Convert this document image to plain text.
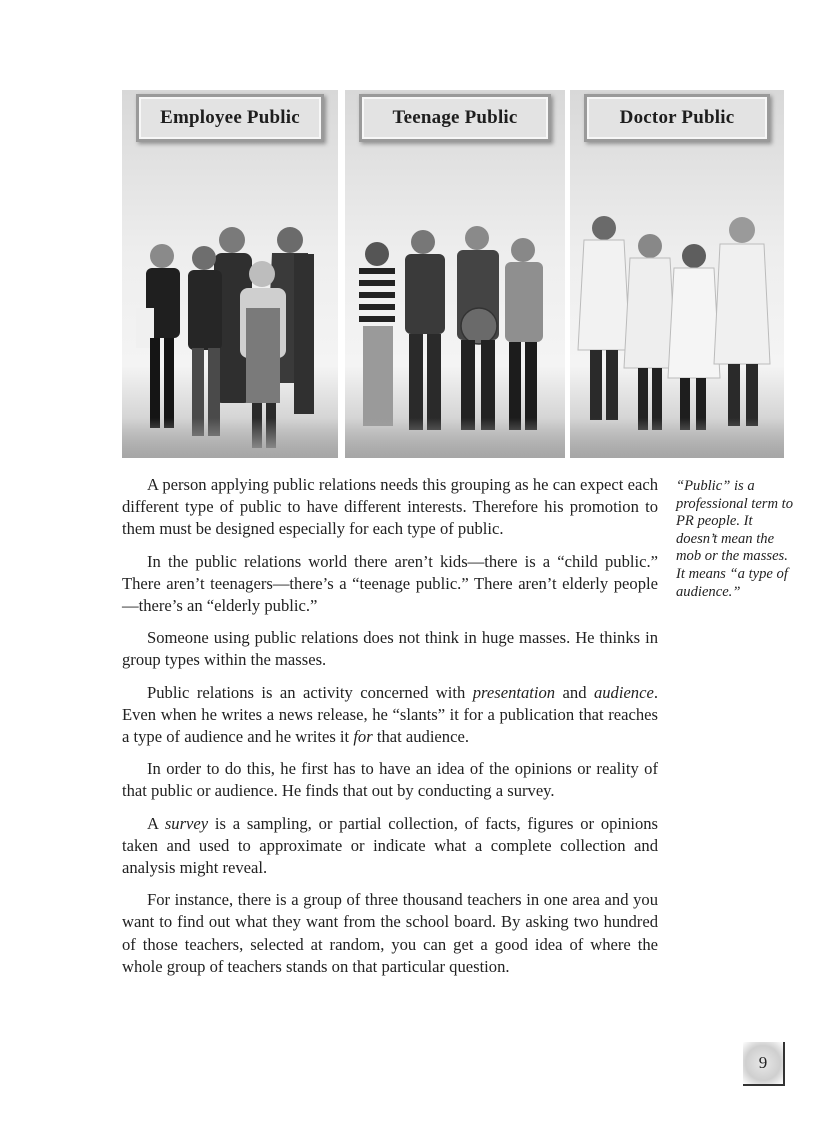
Employee Public	Teenage Public	Doctor Public

A person applying public relations needs this grouping as he can expect each different type of public to have different interests. Therefore his promotion to them must be designed especially for each type of public.

In the public relations world there aren’t kids—there is a “child public.” There aren’t teenagers—there’s a “teenage public.” There aren’t elderly people—there’s an “elderly public.”

Someone using public relations does not think in huge masses. He thinks in group types within the masses.

Public relations is an activity concerned with presentation and audience. Even when he writes a news release, he “slants” it for a publication that reaches a type of audience and he writes it for that audience.

In order to do this, he first has to have an idea of the opinions or reality of that public or audience. He finds that out by conducting a survey.

A survey is a sampling, or partial collection, of facts, figures or opinions taken and used to approximate or indicate what a complete collection and analysis might reveal.

For instance, there is a group of three thousand teachers in one area and you want to find out what they want from the school board. By asking two hundred of those teachers, selected at random, you can get a good idea of where the whole group of teachers stands on that particular question.

“Public” is a professional term to PR people. It doesn’t mean the mob or the masses. It means “a type of audience.”
9
